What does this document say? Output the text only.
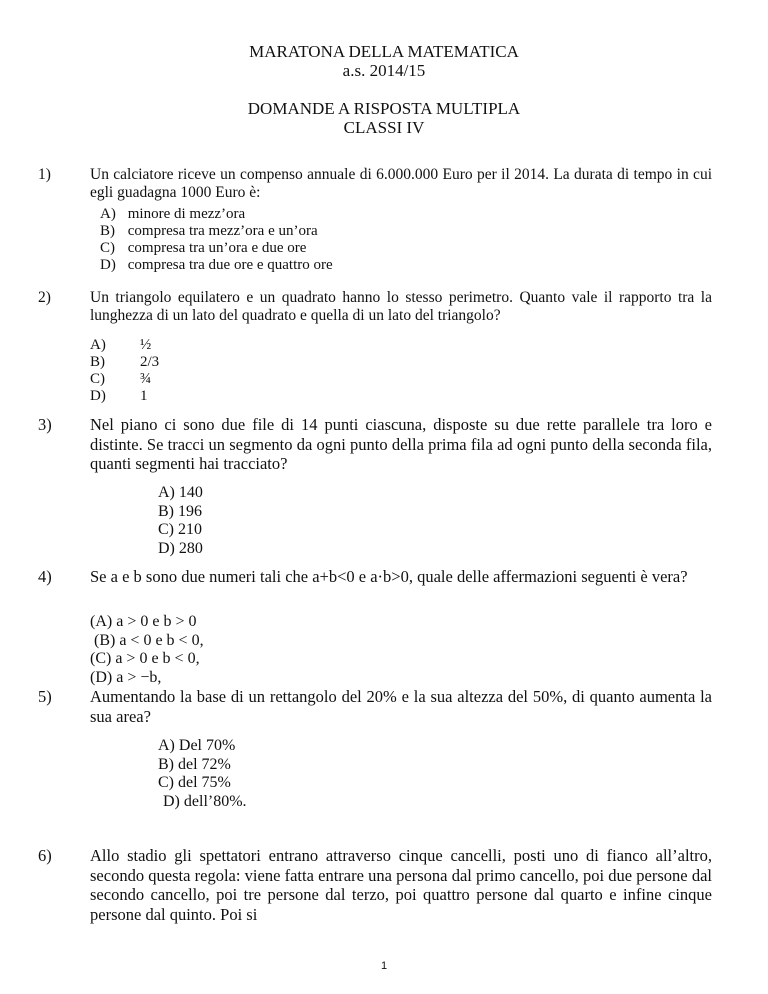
MARATONA DELLA MATEMATICA
a.s. 2014/15
DOMANDE A RISPOSTA MULTIPLA
CLASSI IV
1)	Un calciatore riceve un compenso annuale di 6.000.000 Euro per il 2014. La durata di tempo in cui egli guadagna 1000 Euro è:
A) minore di mezz’ora
B) compresa tra mezz’ora e un’ora
C) compresa tra un’ora e due ore
D) compresa tra due ore e quattro ore
2)	Un triangolo equilatero e un quadrato hanno lo stesso perimetro. Quanto vale il rapporto tra la lunghezza di un lato del quadrato e quella di un lato del triangolo?
A) ½
B) 2/3
C) ¾
D) 1
3) Nel piano ci sono due file di 14 punti ciascuna, disposte su due rette parallele tra loro e distinte. Se tracci un segmento da ogni punto della prima fila ad ogni punto della seconda fila, quanti segmenti hai tracciato?
A) 140
B) 196
C) 210
D) 280
4) Se a e b sono due numeri tali che a+b<0 e a·b>0, quale delle affermazioni seguenti è vera?
(A) a > 0 e b > 0
(B) a < 0 e b < 0,
(C) a > 0 e b < 0,
(D) a > −b,
5) Aumentando la base di un rettangolo del 20% e la sua altezza del 50%, di quanto aumenta la sua area?
A) Del 70%
B) del 72%
C) del 75%
D) dell’80%.
6) Allo stadio gli spettatori entrano attraverso cinque cancelli, posti uno di fianco all’altro, secondo questa regola: viene fatta entrare una persona dal primo cancello, poi due persone dal secondo cancello, poi tre persone dal terzo, poi quattro persone dal quarto e infine cinque persone dal quinto. Poi si
1
